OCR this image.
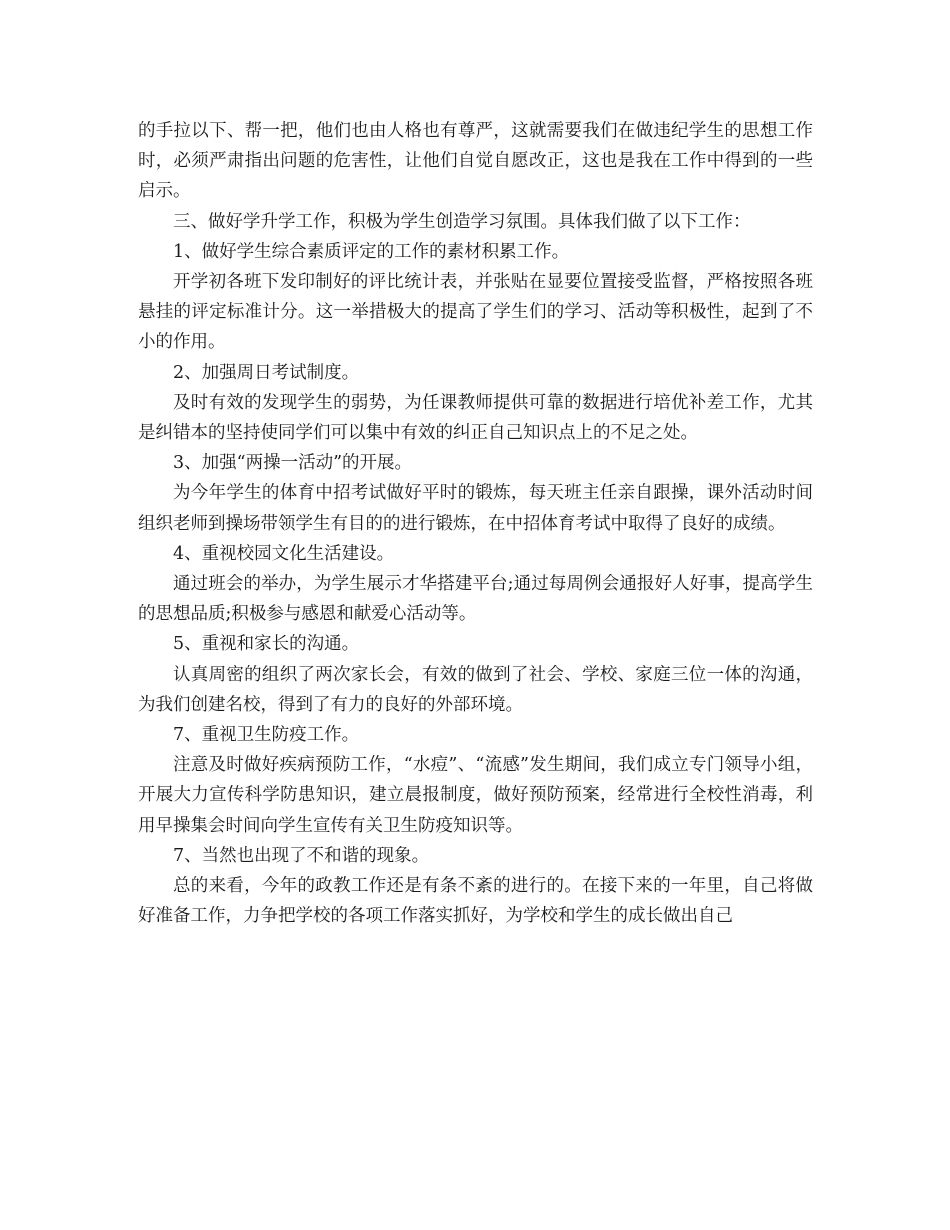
的手拉以下、帮一把，他们也由人格也有尊严，这就需要我们在做违纪学生的思想工作时，必须严肃指出问题的危害性，让他们自觉自愿改正，这也是我在工作中得到的一些启示。

三、做好学升学工作，积极为学生创造学习氛围。具体我们做了以下工作：

1、做好学生综合素质评定的工作的素材积累工作。

开学初各班下发印制好的评比统计表，并张贴在显要位置接受监督，严格按照各班悬挂的评定标准计分。这一举措极大的提高了学生们的学习、活动等积极性，起到了不小的作用。

2、加强周日考试制度。

及时有效的发现学生的弱势，为任课教师提供可靠的数据进行培优补差工作，尤其是纠错本的坚持使同学们可以集中有效的纠正自己知识点上的不足之处。

3、加强“两操一活动”的开展。

为今年学生的体育中招考试做好平时的锻炼，每天班主任亲自跟操，课外活动时间组织老师到操场带领学生有目的的进行锻炼，在中招体育考试中取得了良好的成绩。

4、重视校园文化生活建设。

通过班会的举办，为学生展示才华搭建平台;通过每周例会通报好人好事，提高学生的思想品质;积极参与感恩和献爱心活动等。

5、重视和家长的沟通。

认真周密的组织了两次家长会，有效的做到了社会、学校、家庭三位一体的沟通，为我们创建名校，得到了有力的良好的外部环境。

7、重视卫生防疫工作。

注意及时做好疾病预防工作，“水痘”、“流感”发生期间，我们成立专门领导小组，开展大力宣传科学防患知识，建立晨报制度，做好预防预案，经常进行全校性消毒，利用早操集会时间向学生宣传有关卫生防疫知识等。

7、当然也出现了不和谐的现象。

总的来看，今年的政教工作还是有条不紊的进行的。在接下来的一年里，自己将做好准备工作，力争把学校的各项工作落实抓好，为学校和学生的成长做出自己
